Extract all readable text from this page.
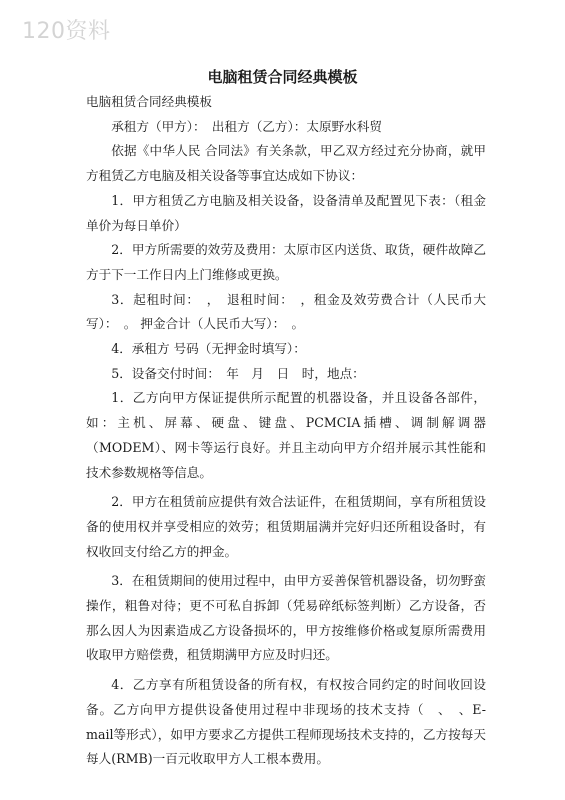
120资料
电脑租赁合同经典模板

电脑租赁合同经典模板

承租方（甲方）：　出租方（乙方）：太原野水科贸

依据《中华人民 合同法》有关条款，甲乙双方经过充分协商，就甲方租赁乙方电脑及相关设备等事宜达成如下协议：

1．甲方租赁乙方电脑及相关设备，设备清单及配置见下表：（租金单价为每日单价）

2．甲方所需要的效劳及费用：太原市区内送货、取货，硬件故障乙方于下一工作日内上门维修或更换。

3．起租时间：　，　退租时间：　，租金及效劳费合计（人民币大写）：　。 押金合计（人民币大写）：　。

4．承租方 号码（无押金时填写）：

5．设备交付时间：　年　月　日　时，地点：

1．乙方向甲方保证提供所示配置的机器设备，并且设备各部件，如：主机、屏幕、硬盘、键盘、PCMCIA插槽、调制解调器（MODEM）、网卡等运行良好。并且主动向甲方介绍并展示其性能和技术参数规格等信息。

2．甲方在租赁前应提供有效合法证件，在租赁期间，享有所租赁设备的使用权并享受相应的效劳；租赁期届满并完好归还所租设备时，有权收回支付给乙方的押金。

3．在租赁期间的使用过程中，由甲方妥善保管机器设备，切勿野蛮操作，粗鲁对待；更不可私自拆卸（凭易碎纸标签判断）乙方设备，否那么因人为因素造成乙方设备损坏的，甲方按维修价格或复原所需费用收取甲方赔偿费，租赁期满甲方应及时归还。

4．乙方享有所租赁设备的所有权，有权按合同约定的时间收回设备。乙方向甲方提供设备使用过程中非现场的技术支持（　、　、E-mail等形式），如甲方要求乙方提供工程师现场技术支持的，乙方按每天每人(RMB)一百元收取甲方人工根本费用。
